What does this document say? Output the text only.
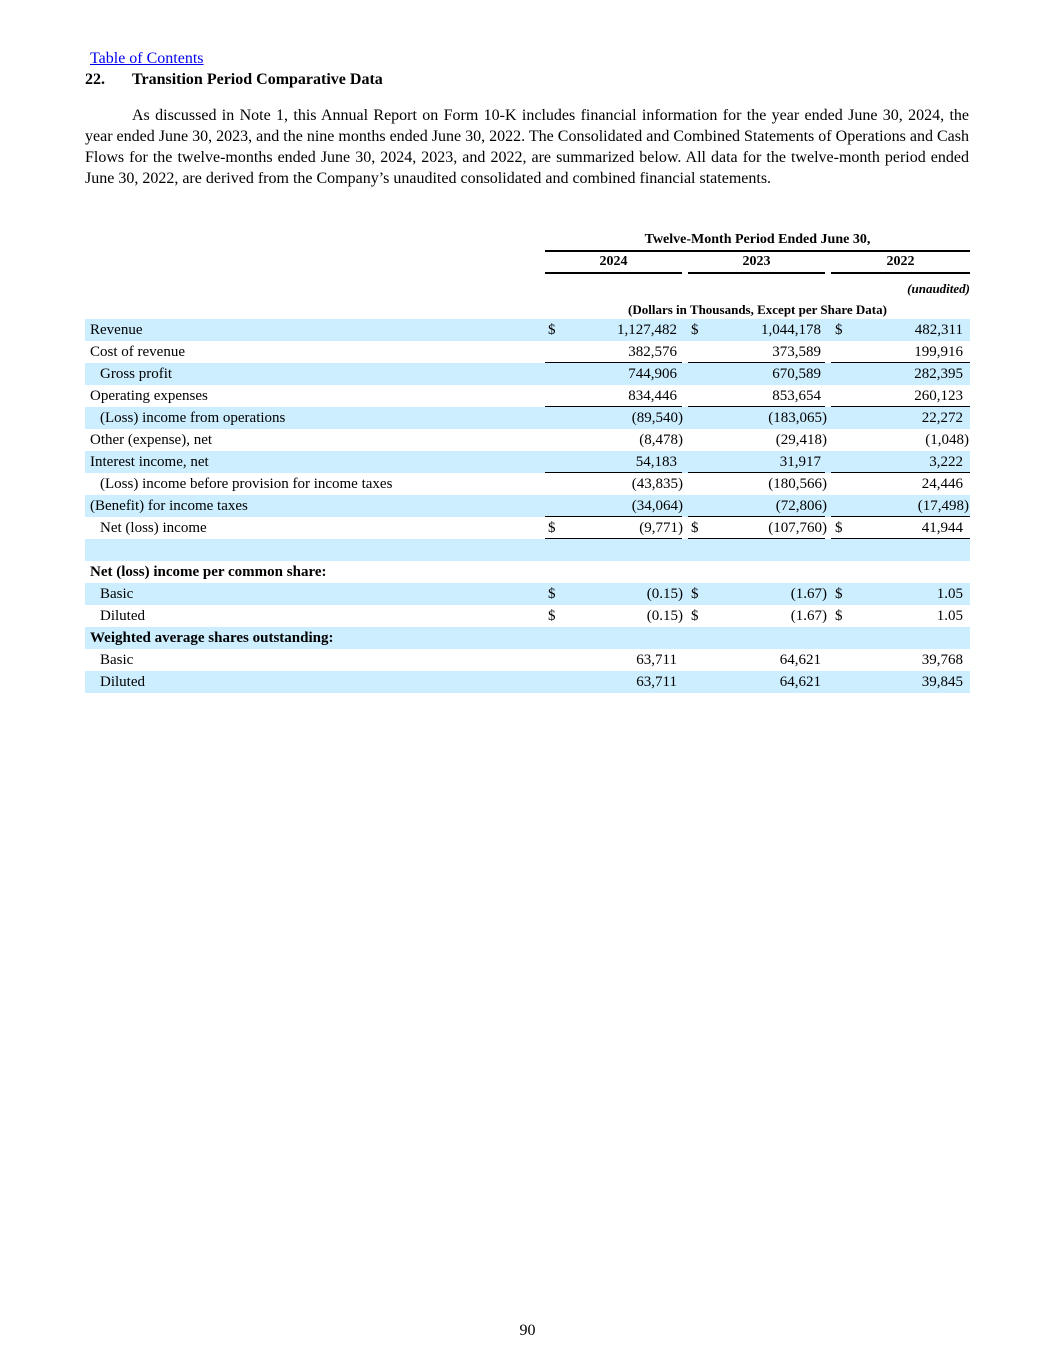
Table of Contents
22. Transition Period Comparative Data

As discussed in Note 1, this Annual Report on Form 10-K includes financial information for the year ended June 30, 2024, the year ended June 30, 2023, and the nine months ended June 30, 2022. The Consolidated and Combined Statements of Operations and Cash Flows for the twelve-months ended June 30, 2024, 2023, and 2022, are summarized below. All data for the twelve-month period ended June 30, 2022, are derived from the Company’s unaudited consolidated and combined financial statements.

Twelve-Month Period Ended June 30,
2024	2023	2022
(unaudited)
(Dollars in Thousands, Except per Share Data)
Revenue	$	1,127,482 $	1,044,178 $	482,311
Cost of revenue	382,576	373,589	199,916
Gross profit	744,906	670,589	282,395
Operating expenses	834,446	853,654	260,123
(Loss) income from operations	(89,540)	(183,065)	22,272
Other (expense), net	(8,478)	(29,418)	(1,048)
Interest income, net	54,183	31,917	3,222
(Loss) income before provision for income taxes	(43,835)	(180,566)	24,446
(Benefit) for income taxes	(34,064)	(72,806)	(17,498)
Net (loss) income	$	(9,771) $	(107,760) $	41,944
Net (loss) income per common share:
Basic	$	(0.15) $	(1.67) $	1.05
Diluted	$	(0.15) $	(1.67) $	1.05
Weighted average shares outstanding:
Basic	63,711	64,621	39,768
Diluted	63,711	64,621	39,845
90
